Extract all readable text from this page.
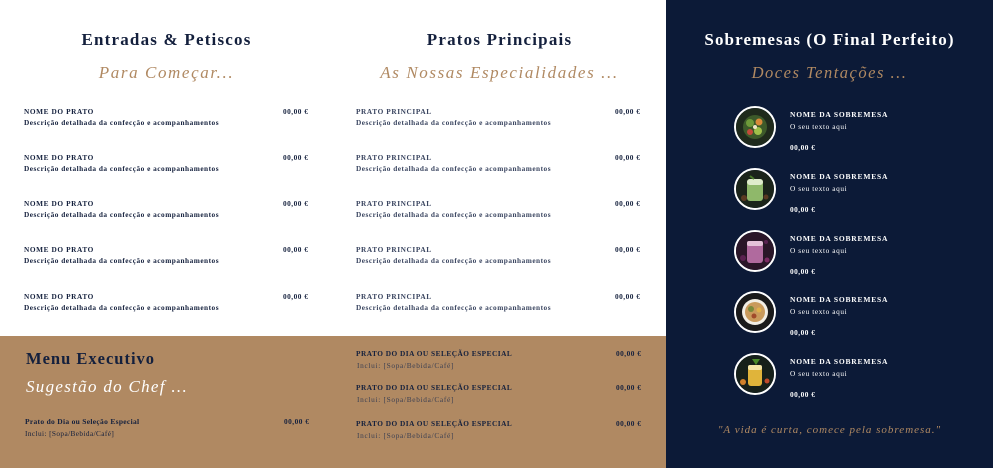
Entradas & Petiscos
Para Começar...
NOME DO PRATO
Descrição detalhada da confecção e acompanhamentos
00,00 €
NOME DO PRATO
Descrição detalhada da confecção e acompanhamentos
00,00 €
NOME DO PRATO
Descrição detalhada da confecção e acompanhamentos
00,00 €
NOME DO PRATO
Descrição detalhada da confecção e acompanhamentos
00,00 €
NOME DO PRATO
Descrição detalhada da confecção e acompanhamentos
00,00 €
Pratos Principais
As Nossas Especialidades ...
PRATO PRINCIPAL
Descrição detalhada da confecção e acompanhamentos
00,00 €
PRATO PRINCIPAL
Descrição detalhada da confecção e acompanhamentos
00,00 €
PRATO PRINCIPAL
Descrição detalhada da confecção e acompanhamentos
00,00 €
PRATO PRINCIPAL
Descrição detalhada da confecção e acompanhamentos
00,00 €
PRATO PRINCIPAL
Descrição detalhada da confecção e acompanhamentos
00,00 €
Menu Executivo
Sugestão do Chef ...
Prato do Dia ou Seleção Especial
Inclui: [Sopa/Bebida/Café]
00,00 €
PRATO DO DIA OU SELEÇÃO ESPECIAL
Inclui: [Sopa/Bebida/Café]
00,00 €
PRATO DO DIA OU SELEÇÃO ESPECIAL
Inclui: [Sopa/Bebida/Café]
00,00 €
PRATO DO DIA OU SELEÇÃO ESPECIAL
Inclui: [Sopa/Bebida/Café]
00,00 €
Sobremesas (O Final Perfeito)
Doces Tentações ...
NOME DA SOBREMESA
O seu texto aqui
00,00 €
NOME DA SOBREMESA
O seu texto aqui
00,00 €
NOME DA SOBREMESA
O seu texto aqui
00,00 €
NOME DA SOBREMESA
O seu texto aqui
00,00 €
NOME DA SOBREMESA
O seu texto aqui
00,00 €
"A vida é curta, comece pela sobremesa."
